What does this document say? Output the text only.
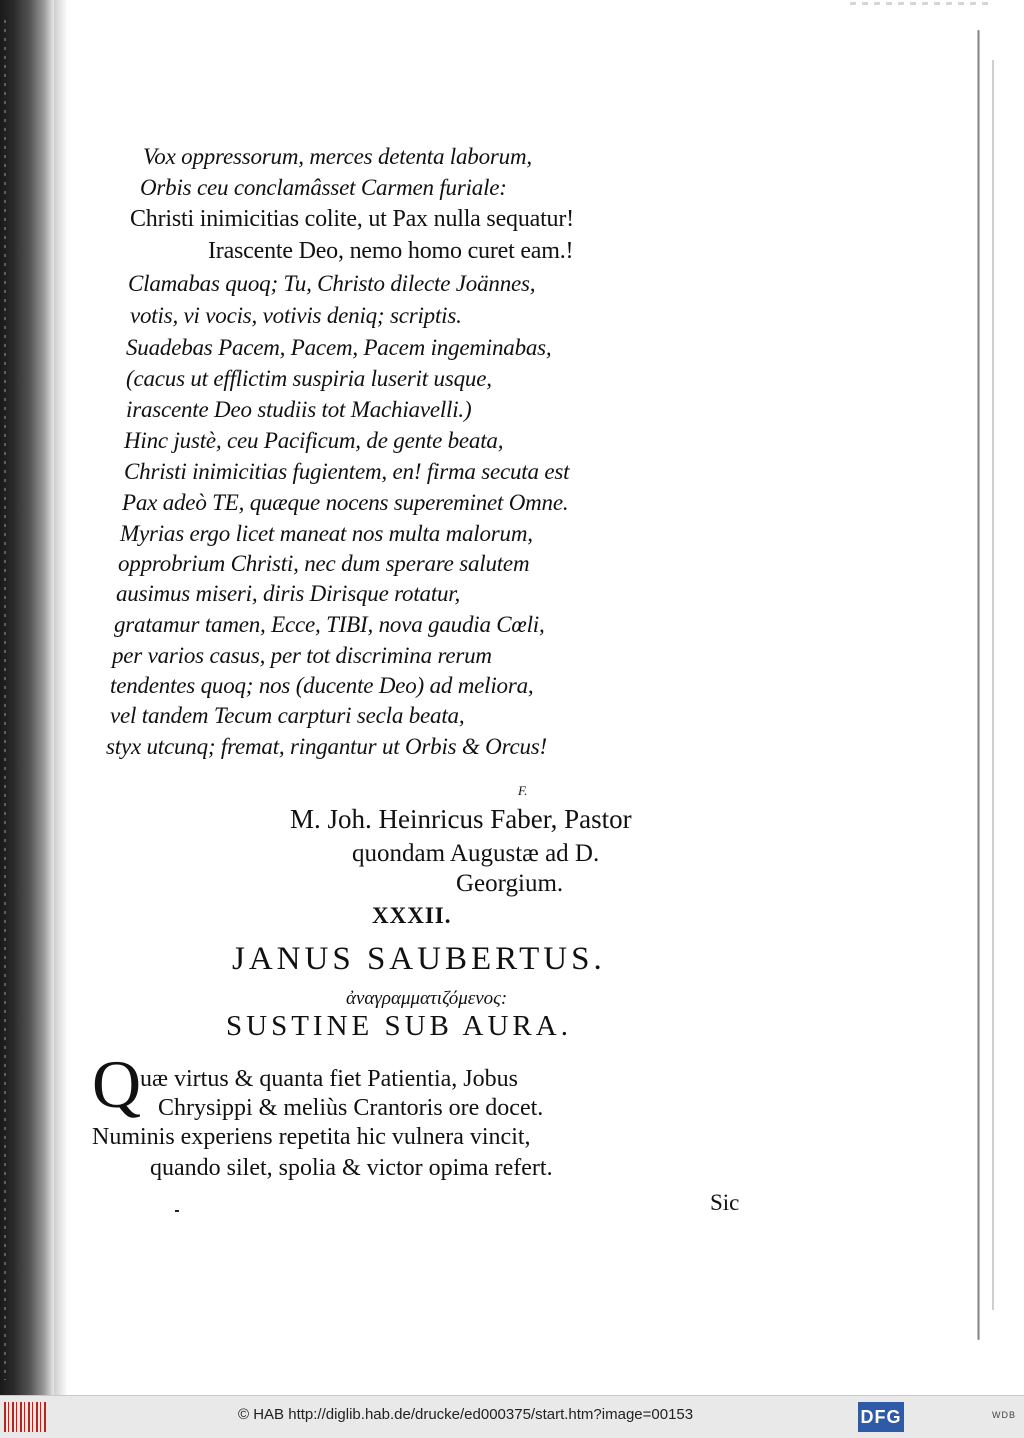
Vox oppressorum, merces detenta laborum,
Orbis ceu conclamâsset Carmen furiale:
Christi inimicitias colite, ut Pax nulla sequatur!
Irascente Deo, nemo homo curet eam.!
Clamabas quoq; Tu, Christo dilecte Joännes,
votis, vi vocis, votivis deniq; scriptis.
Suadebas Pacem, Pacem, Pacem ingeminabas,
(cacus ut efflictim suspiria luserit usque,
irascente Deo studiis tot Machiavelli.)
Hinc justè, ceu Pacificum, de gente beata,
Christi inimicitias fugientem, en! firma secuta est
Pax adeò TE, quæque nocens supereminet Omne.
Myrias ergo licet maneat nos multa malorum,
opprobrium Christi, nec dum sperare salutem
ausimus miseri, diris Dirisque rotatur,
gratamur tamen, Ecce, TIBI, nova gaudia Cœli,
per varios casus, per tot discrimina rerum
tendentes quoq; nos (ducente Deo) ad meliora,
vel tandem Tecum carpturi secla beata,
styx utcunq; fremat, ringantur ut Orbis & Orcus!
F.
M. Joh. Heinricus Faber, Pastor
quondam Augustæ ad D.
Georgium.
XXXII.
JANUS SAUBERTUS.
ἀναγραμματιζόμενος:
SUSTINE SUB AURA.
Q
uæ virtus & quanta fiet Patientia, Jobus
Chrysippi & meliùs Crantoris ore docet.
Numinis experiens repetita hic vulnera vincit,
quando silet, spolia & victor opima refert.
Sic
© HAB http://diglib.hab.de/drucke/ed000375/start.htm?image=00153	DFG	WDB
